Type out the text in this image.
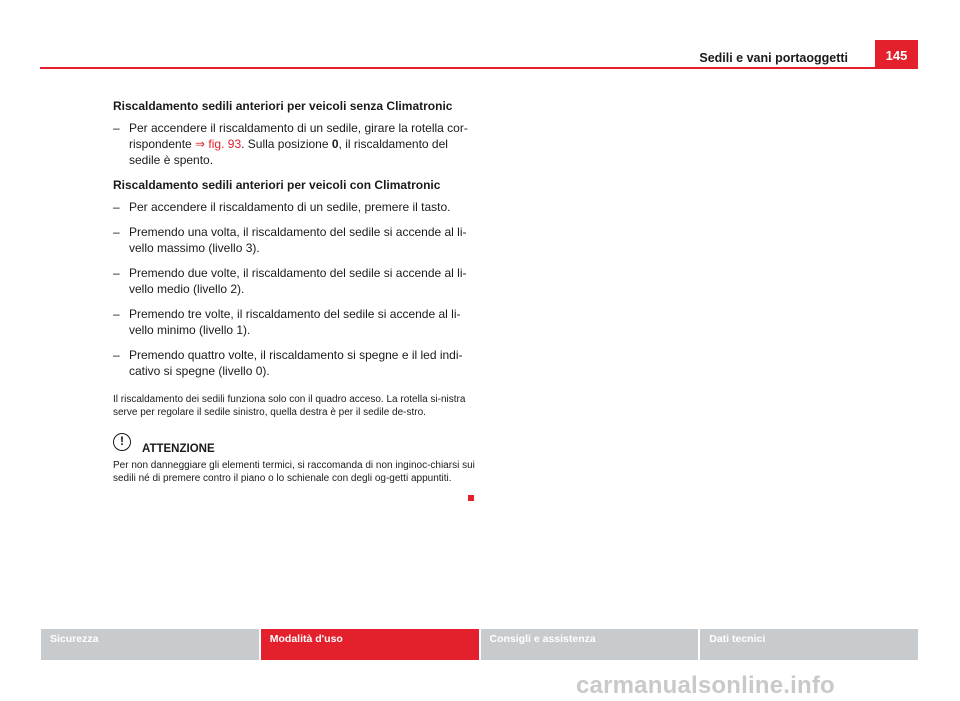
Sedili e vani portaoggetti	145

Riscaldamento sedili anteriori per veicoli senza Climatronic

– Per accendere il riscaldamento di un sedile, girare la rotella cor-rispondente ⇒ fig. 93. Sulla posizione 0, il riscaldamento del sedile è spento.

Riscaldamento sedili anteriori per veicoli con Climatronic

– Per accendere il riscaldamento di un sedile, premere il tasto.
– Premendo una volta, il riscaldamento del sedile si accende al li-vello massimo (livello 3).
– Premendo due volte, il riscaldamento del sedile si accende al li-vello medio (livello 2).
– Premendo tre volte, il riscaldamento del sedile si accende al li-vello minimo (livello 1).
– Premendo quattro volte, il riscaldamento si spegne e il led indi-cativo si spegne (livello 0).

Il riscaldamento dei sedili funziona solo con il quadro acceso. La rotella si-nistra serve per regolare il sedile sinistro, quella destra è per il sedile de-stro.

!
ATTENZIONE

Per non danneggiare gli elementi termici, si raccomanda di non inginoc-chiarsi sui sedili né di premere contro il piano o lo schienale con degli og-getti appuntiti.

Sicurezza	Modalità d'uso	Consigli e assistenza	Dati tecnici
carmanualsonline.info
